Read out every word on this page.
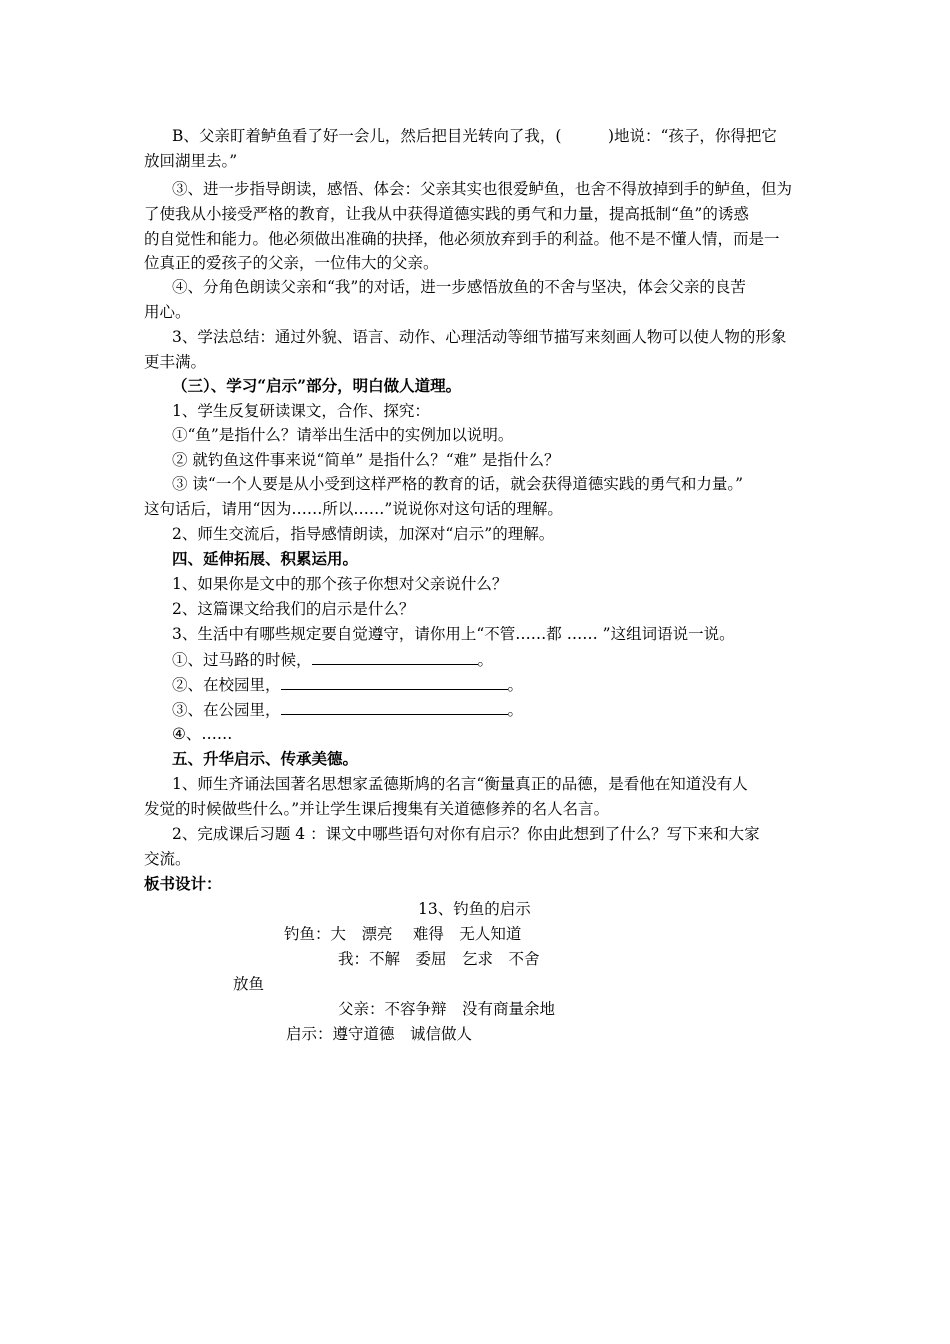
B、父亲盯着鲈鱼看了好一会儿，然后把目光转向了我，(　　　)地说：“孩子，你得把它
放回湖里去。”
③、进一步指导朗读，感悟、体会：父亲其实也很爱鲈鱼，也舍不得放掉到手的鲈鱼，但为
了使我从小接受严格的教育，让我从中获得道德实践的勇气和力量，提高抵制“鱼”的诱惑
的自觉性和能力。他必须做出准确的抉择，他必须放弃到手的利益。他不是不懂人情，而是一
位真正的爱孩子的父亲，一位伟大的父亲。
④、分角色朗读父亲和“我”的对话，进一步感悟放鱼的不舍与坚决，体会父亲的良苦
用心。
3、学法总结：通过外貌、语言、动作、心理活动等细节描写来刻画人物可以使人物的形象
更丰满。
（三）、学习“启示”部分，明白做人道理。
1、学生反复研读课文，合作、探究：
①“鱼”是指什么？请举出生活中的实例加以说明。
② 就钓鱼这件事来说“简单” 是指什么？“难” 是指什么？
③ 读“一个人要是从小受到这样严格的教育的话，就会获得道德实践的勇气和力量。”
这句话后，请用“因为……所以……”说说你对这句话的理解。
2、师生交流后，指导感情朗读，加深对“启示”的理解。
四、延伸拓展、积累运用。
1、如果你是文中的那个孩子你想对父亲说什么？
2、这篇课文给我们的启示是什么？
3、生活中有哪些规定要自觉遵守，请你用上“不管……都 …… ”这组词语说一说。
①、过马路的时候，	。
②、在校园里，	。
③、在公园里，	。
④、……
五、升华启示、传承美德。
1、师生齐诵法国著名思想家孟德斯鸠的名言“衡量真正的品德，是看他在知道没有人
发觉的时候做些什么。”并让学生课后搜集有关道德修养的名人名言。
2、完成课后习题 4 ：课文中哪些语句对你有启示？你由此想到了什么？写下来和大家
交流。
板书设计：
13、钓鱼的启示
钓鱼：大　漂亮　 难得　无人知道
我：不解　委屈　乞求　不舍
放鱼
父亲：不容争辩　没有商量余地
启示：遵守道德　诚信做人
